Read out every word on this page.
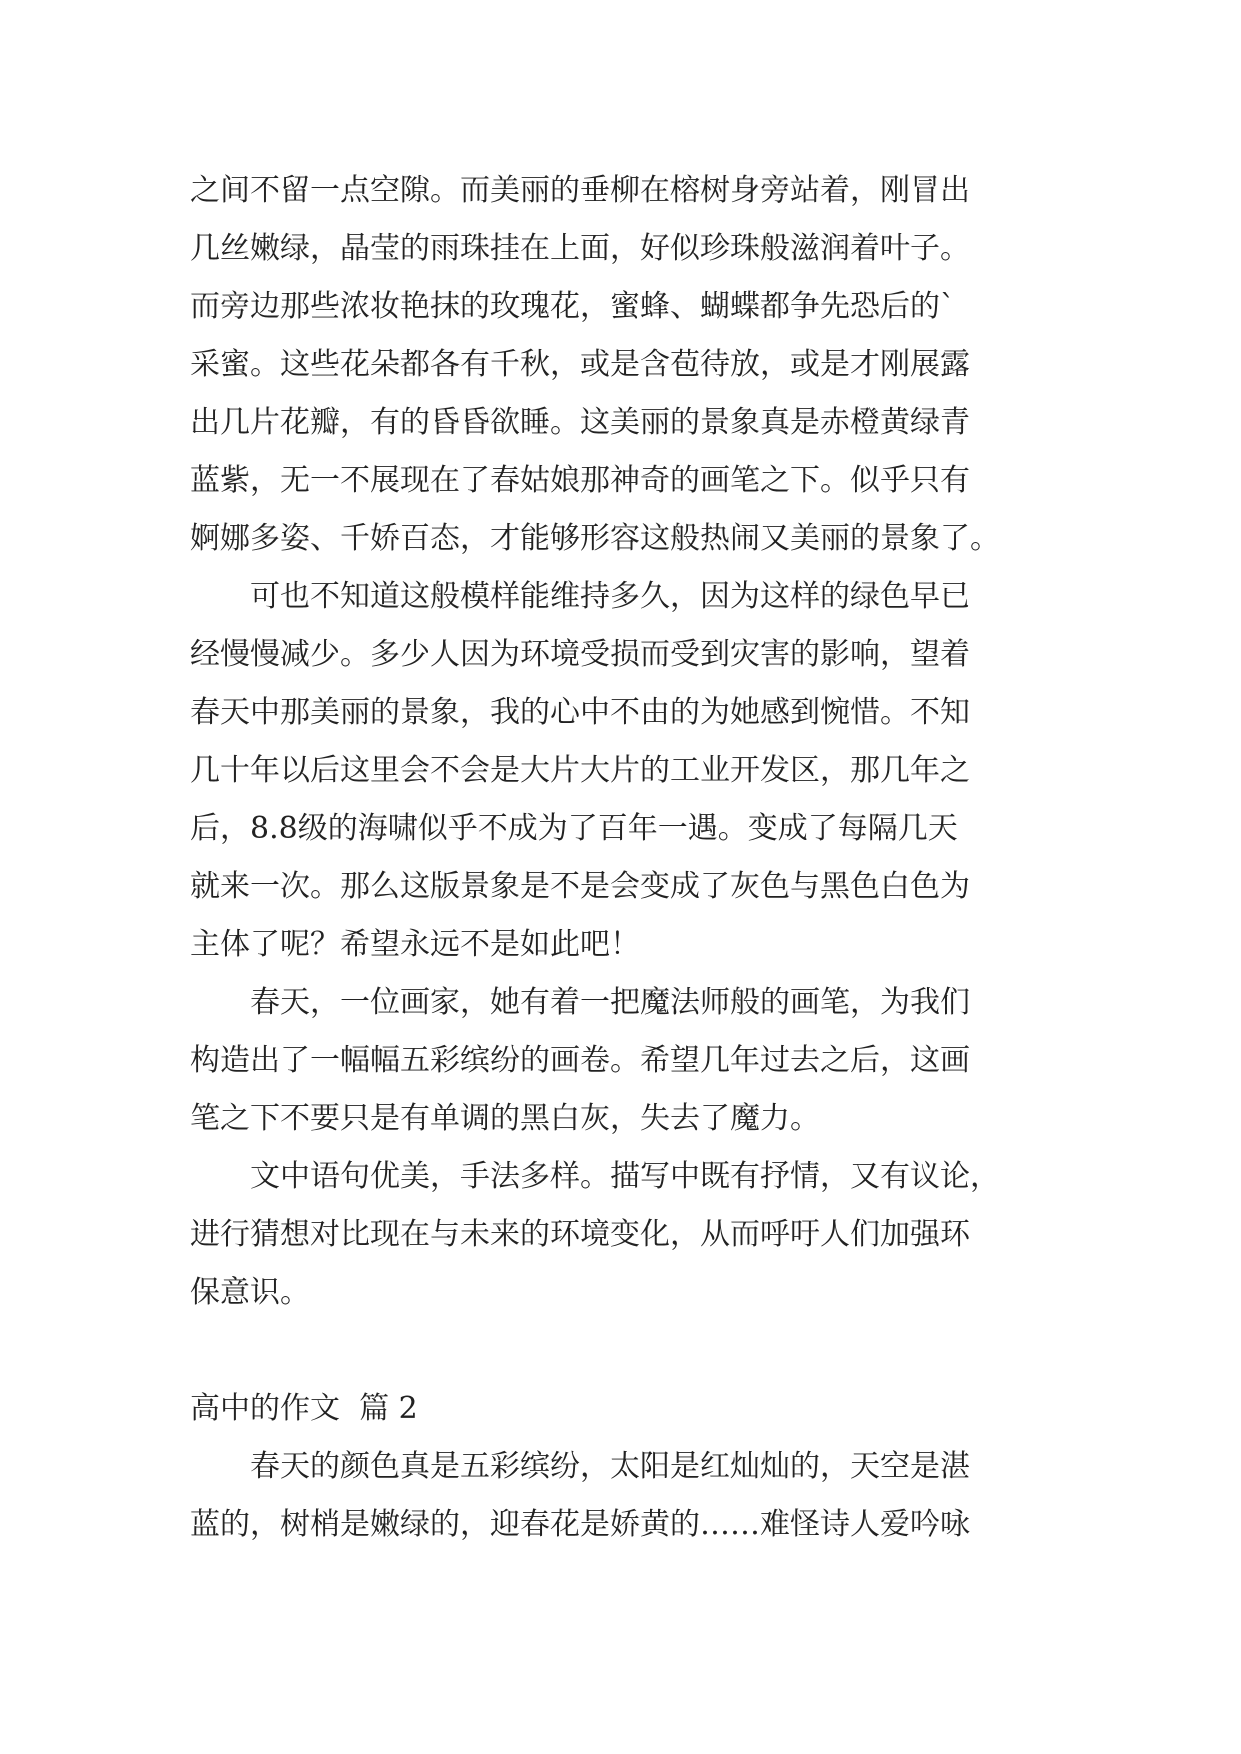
之间不留一点空隙。而美丽的垂柳在榕树身旁站着，刚冒出
几丝嫩绿，晶莹的雨珠挂在上面，好似珍珠般滋润着叶子。
而旁边那些浓妆艳抹的玫瑰花，蜜蜂、蝴蝶都争先恐后的`
采蜜。这些花朵都各有千秋，或是含苞待放，或是才刚展露
出几片花瓣，有的昏昏欲睡。这美丽的景象真是赤橙黄绿青
蓝紫，无一不展现在了春姑娘那神奇的画笔之下。似乎只有
婀娜多姿、千娇百态，才能够形容这般热闹又美丽的景象了。
可也不知道这般模样能维持多久，因为这样的绿色早已
经慢慢减少。多少人因为环境受损而受到灾害的影响，望着
春天中那美丽的景象，我的心中不由的为她感到惋惜。不知
几十年以后这里会不会是大片大片的工业开发区，那几年之
后，8.8级的海啸似乎不成为了百年一遇。变成了每隔几天
就来一次。那么这版景象是不是会变成了灰色与黑色白色为
主体了呢？希望永远不是如此吧！
春天，一位画家，她有着一把魔法师般的画笔，为我们
构造出了一幅幅五彩缤纷的画卷。希望几年过去之后，这画
笔之下不要只是有单调的黑白灰，失去了魔力。
文中语句优美，手法多样。描写中既有抒情，又有议论，
进行猜想对比现在与未来的环境变化，从而呼吁人们加强环
保意识。
高中的作文  篇 2
春天的颜色真是五彩缤纷，太阳是红灿灿的，天空是湛
蓝的，树梢是嫩绿的，迎春花是娇黄的……难怪诗人爱吟咏
